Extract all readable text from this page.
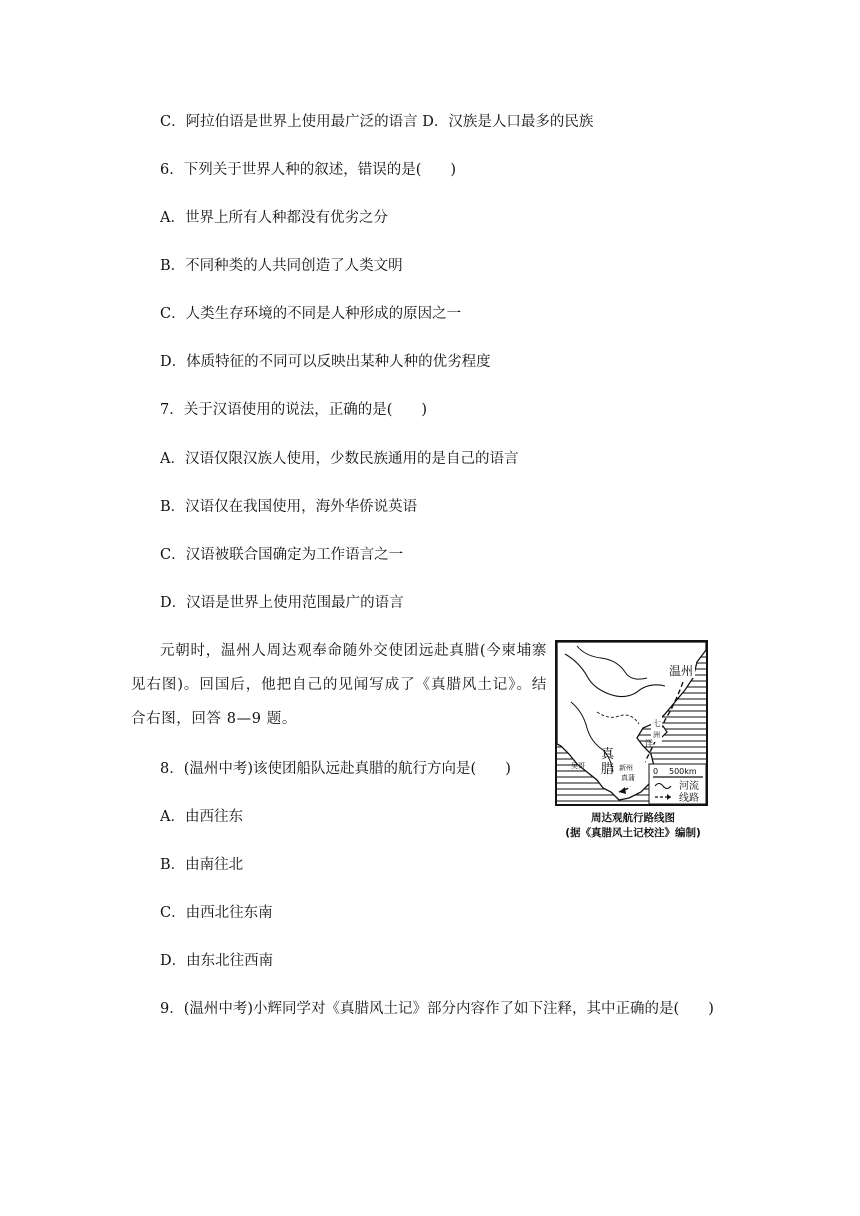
C．阿拉伯语是世界上使用最广泛的语言 D．汉族是人口最多的民族
6．下列关于世界人种的叙述，错误的是(　　)
A．世界上所有人种都没有优劣之分
B．不同种类的人共同创造了人类文明
C．人类生存环境的不同是人种形成的原因之一
D．体质特征的不同可以反映出某种人种的优劣程度
7．关于汉语使用的说法，正确的是(　　)
A．汉语仅限汉族人使用，少数民族通用的是自己的语言
B．汉语仅在我国使用，海外华侨说英语
C．汉语被联合国确定为工作语言之一
D．汉语是世界上使用范围最广的语言

元朝时，温州人周达观奉命随外交使团远赴真腊(今柬埔寨见右图)。回国后，他把自己的见闻写成了《真腊风土记》。结合右图，回答 8—9 题。

温州
七
洲
洋
真
腊
吴哥	新州
真蒲
0 500km
河流
线路
周达观航行路线图
(据《真腊风土记校注》编制)
8．(温州中考)该使团船队远赴真腊的航行方向是(　　)
A．由西往东
B．由南往北
C．由西北往东南
D．由东北往西南
9．(温州中考)小辉同学对《真腊风土记》部分内容作了如下注释，其中正确的是(　　)
